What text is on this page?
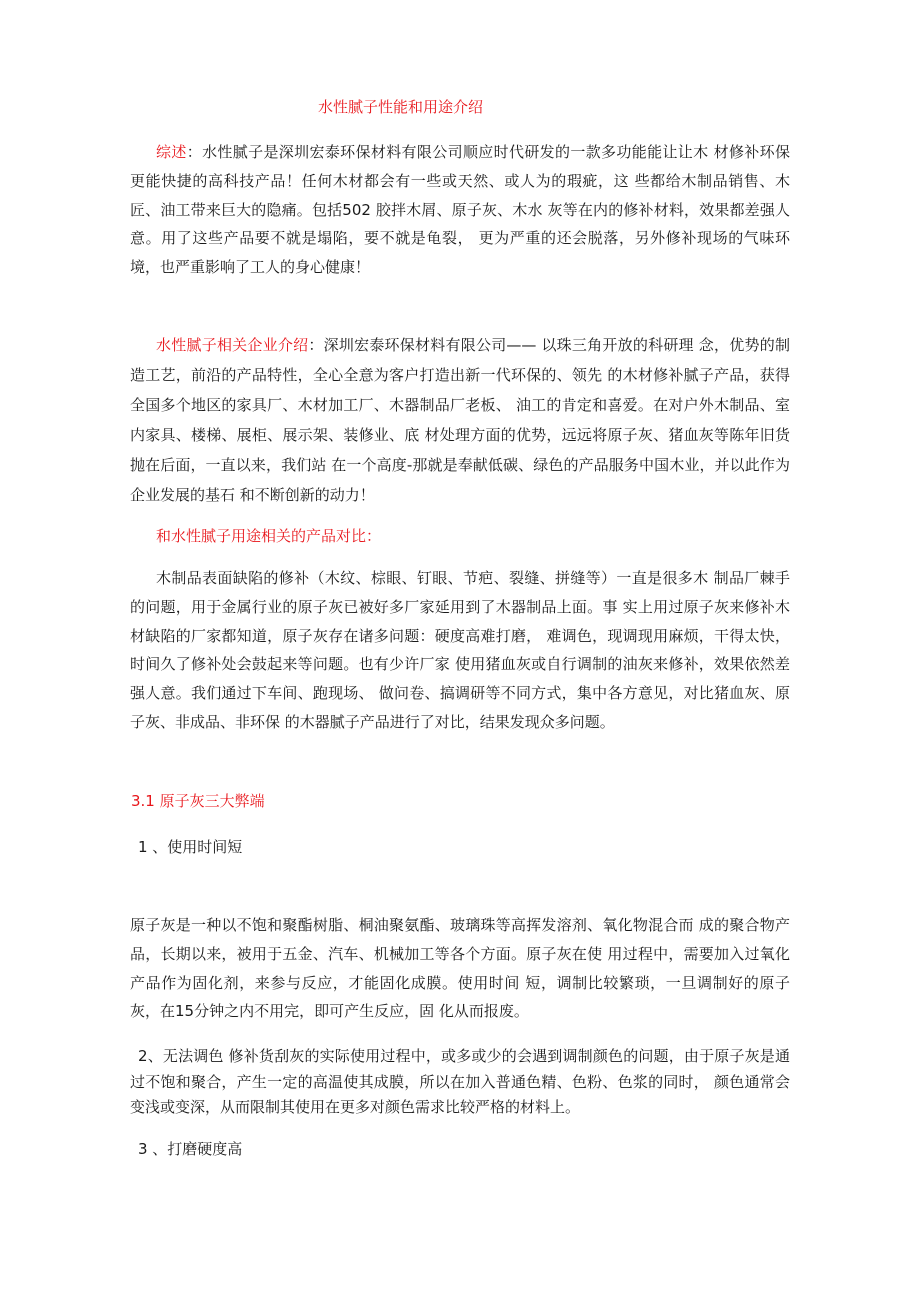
水性腻子性能和用途介绍

综述：水性腻子是深圳宏泰环保材料有限公司顺应时代研发的一款多功能能让让木 材修补环保更能快捷的高科技产品！任何木材都会有一些或天然、或人为的瑕疵，这 些都给木制品销售、木匠、油工带来巨大的隐痛。包括502 胶拌木屑、原子灰、木水 灰等在内的修补材料，效果都差强人意。用了这些产品要不就是塌陷，要不就是龟裂， 更为严重的还会脱落，另外修补现场的气味环境，也严重影响了工人的身心健康！

水性腻子相关企业介绍：深圳宏泰环保材料有限公司—— 以珠三角开放的科研理 念，优势的制造工艺，前沿的产品特性，全心全意为客户打造出新一代环保的、领先 的木材修补腻子产品，获得全国多个地区的家具厂、木材加工厂、木器制品厂老板、 油工的肯定和喜爱。在对户外木制品、室内家具、楼梯、展柜、展示架、装修业、底 材处理方面的优势，远远将原子灰、猪血灰等陈年旧货抛在后面，一直以来，我们站 在一个高度-那就是奉献低碳、绿色的产品服务中国木业，并以此作为企业发展的基石 和不断创新的动力！

和水性腻子用途相关的产品对比：

木制品表面缺陷的修补（木纹、棕眼、钉眼、节疤、裂缝、拼缝等）一直是很多木 制品厂棘手的问题，用于金属行业的原子灰已被好多厂家延用到了木器制品上面。事 实上用过原子灰来修补木材缺陷的厂家都知道，原子灰存在诸多问题：硬度高难打磨， 难调色，现调现用麻烦，干得太快，时间久了修补处会鼓起来等问题。也有少许厂家 使用猪血灰或自行调制的油灰来修补，效果依然差强人意。我们通过下车间、跑现场、 做问卷、搞调研等不同方式，集中各方意见，对比猪血灰、原子灰、非成品、非环保 的木器腻子产品进行了对比，结果发现众多问题。

3.1 原子灰三大弊端
1 、使用时间短

原子灰是一种以不饱和聚酯树脂、桐油聚氨酯、玻璃珠等高挥发溶剂、氧化物混合而 成的聚合物产品，长期以来，被用于五金、汽车、机械加工等各个方面。原子灰在使 用过程中，需要加入过氧化产品作为固化剂，来参与反应，才能固化成膜。使用时间 短，调制比较繁琐，一旦调制好的原子灰，在15分钟之内不用完，即可产生反应，固 化从而报废。

2、无法调色 修补货刮灰的实际使用过程中，或多或少的会遇到调制颜色的问题，由于原子灰是通 过不饱和聚合，产生一定的高温使其成膜，所以在加入普通色精、色粉、色浆的同时， 颜色通常会变浅或变深，从而限制其使用在更多对颜色需求比较严格的材料上。

3 、打磨硬度高
